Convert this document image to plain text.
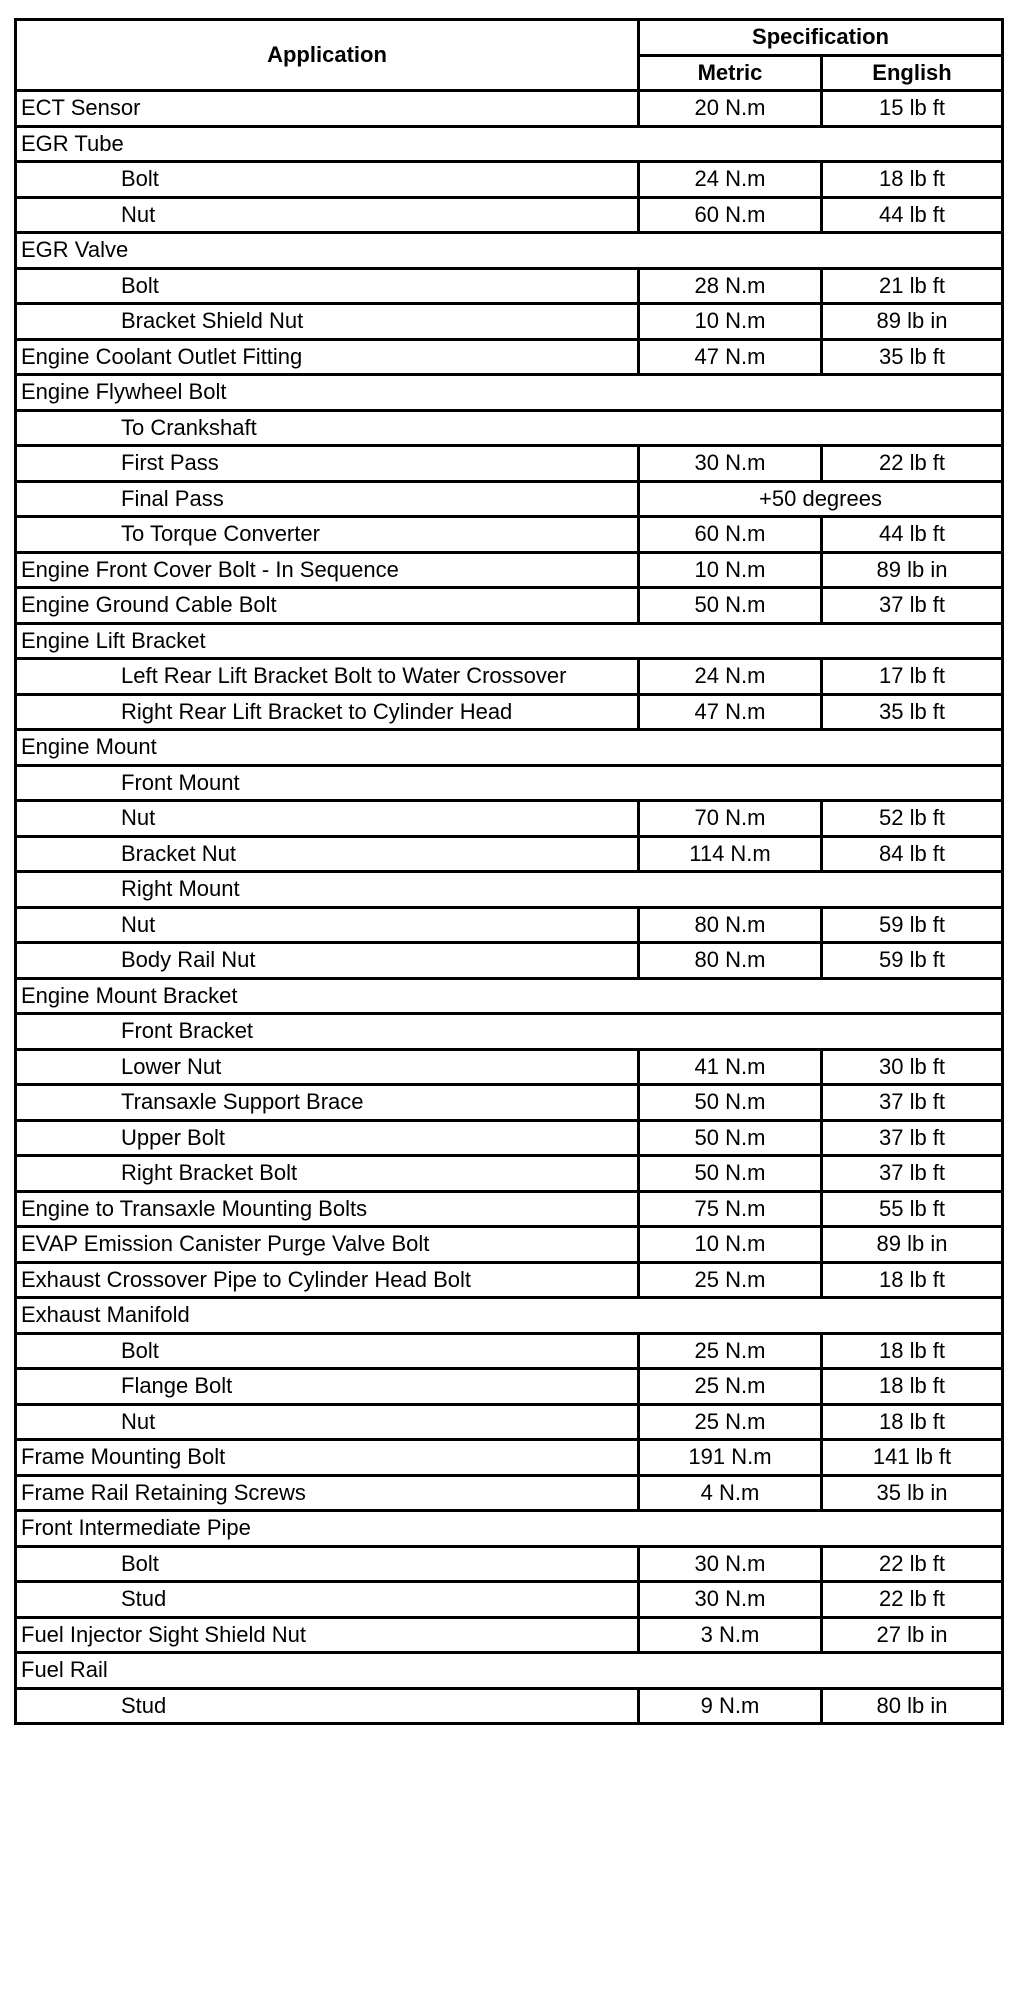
Application	Specification	
	Metric	English
ECT Sensor	20 N.m	15 lb ft
EGR Tube		
Bolt	24 N.m	18 lb ft
Nut	60 N.m	44 lb ft
EGR Valve		
Bolt	28 N.m	21 lb ft
Bracket Shield Nut	10 N.m	89 lb in
Engine Coolant Outlet Fitting	47 N.m	35 lb ft
Engine Flywheel Bolt		
To Crankshaft		
First Pass	30 N.m	22 lb ft
Final Pass	+50 degrees	
To Torque Converter	60 N.m	44 lb ft
Engine Front Cover Bolt - In Sequence	10 N.m	89 lb in
Engine Ground Cable Bolt	50 N.m	37 lb ft
Engine Lift Bracket		
Left Rear Lift Bracket Bolt to Water Crossover	24 N.m	17 lb ft
Right Rear Lift Bracket to Cylinder Head	47 N.m	35 lb ft
Engine Mount		
Front Mount		
Nut	70 N.m	52 lb ft
Bracket Nut	114 N.m	84 lb ft
Right Mount		
Nut	80 N.m	59 lb ft
Body Rail Nut	80 N.m	59 lb ft
Engine Mount Bracket		
Front Bracket		
Lower Nut	41 N.m	30 lb ft
Transaxle Support Brace	50 N.m	37 lb ft
Upper Bolt	50 N.m	37 lb ft
Right Bracket Bolt	50 N.m	37 lb ft
Engine to Transaxle Mounting Bolts	75 N.m	55 lb ft
EVAP Emission Canister Purge Valve Bolt	10 N.m	89 lb in
Exhaust Crossover Pipe to Cylinder Head Bolt	25 N.m	18 lb ft
Exhaust Manifold		
Bolt	25 N.m	18 lb ft
Flange Bolt	25 N.m	18 lb ft
Nut	25 N.m	18 lb ft
Frame Mounting Bolt	191 N.m	141 lb ft
Frame Rail Retaining Screws	4 N.m	35 lb in
Front Intermediate Pipe		
Bolt	30 N.m	22 lb ft
Stud	30 N.m	22 lb ft
Fuel Injector Sight Shield Nut	3 N.m	27 lb in
Fuel Rail		
Stud	9 N.m	80 lb in
